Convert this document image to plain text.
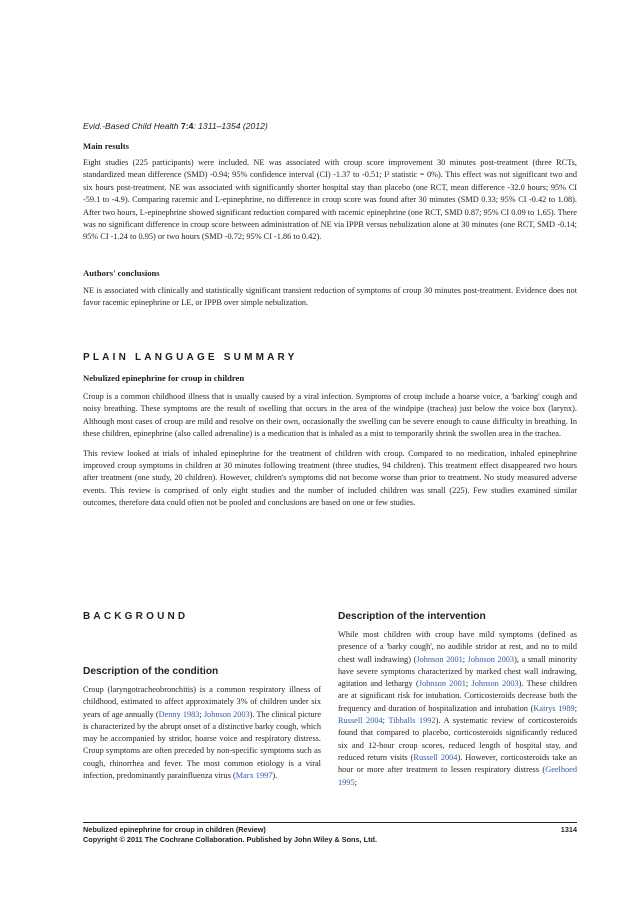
Evid.-Based Child Health 7:4: 1311–1354 (2012)

Main results

Eight studies (225 participants) were included. NE was associated with croup score improvement 30 minutes post-treatment (three RCTs, standardized mean difference (SMD) -0.94; 95% confidence interval (CI) -1.37 to -0.51; I² statistic = 0%). This effect was not significant two and six hours post-treatment. NE was associated with significantly shorter hospital stay than placebo (one RCT, mean difference -32.0 hours; 95% CI -59.1 to -4.9). Comparing racemic and L-epinephrine, no difference in croup score was found after 30 minutes (SMD 0.33; 95% CI -0.42 to 1.08). After two hours, L-epinephrine showed significant reduction compared with racemic epinephrine (one RCT, SMD 0.87; 95% CI 0.09 to 1.65). There was no significant difference in croup score between administration of NE via IPPB versus nebulization alone at 30 minutes (one RCT, SMD -0.14; 95% CI -1.24 to 0.95) or two hours (SMD -0.72; 95% CI -1.86 to 0.42).

Authors' conclusions

NE is associated with clinically and statistically significant transient reduction of symptoms of croup 30 minutes post-treatment. Evidence does not favor racemic epinephrine or LE, or IPPB over simple nebulization.

PLAIN LANGUAGE SUMMARY

Nebulized epinephrine for croup in children

Croup is a common childhood illness that is usually caused by a viral infection. Symptoms of croup include a hoarse voice, a 'barking' cough and noisy breathing. These symptoms are the result of swelling that occurs in the area of the windpipe (trachea) just below the voice box (larynx). Although most cases of croup are mild and resolve on their own, occasionally the swelling can be severe enough to cause difficulty in breathing. In these children, epinephrine (also called adrenaline) is a medication that is inhaled as a mist to temporarily shrink the swollen area in the trachea.

This review looked at trials of inhaled epinephrine for the treatment of children with croup. Compared to no medication, inhaled epinephrine improved croup symptoms in children at 30 minutes following treatment (three studies, 94 children). This treatment effect disappeared two hours after treatment (one study, 20 children). However, children's symptoms did not become worse than prior to treatment. No study measured adverse events. This review is comprised of only eight studies and the number of included children was small (225). Few studies examined similar outcomes, therefore data could often not be pooled and conclusions are based on one or few studies.

BACKGROUND
Description of the condition

Croup (laryngotracheobronchitis) is a common respiratory illness of childhood, estimated to affect approximately 3% of children under six years of age annually (Denny 1983; Johnson 2003). The clinical picture is characterized by the abrupt onset of a distinctive barky cough, which may be accompanied by stridor, hoarse voice and respiratory distress. Croup symptoms are often preceded by non-specific symptoms such as cough, rhinorrhea and fever. The most common etiology is a viral infection, predominantly parainfluenza virus (Marx 1997).

Description of the intervention

While most children with croup have mild symptoms (defined as presence of a 'barky cough', no audible stridor at rest, and no to mild chest wall indrawing) (Johnson 2001; Johnson 2003), a small minority have severe symptoms characterized by marked chest wall indrawing, agitation and lethargy (Johnson 2001; Johnson 2003). These children are at significant risk for intubation. Corticosteroids decrease both the frequency and duration of hospitalization and intubation (Kairys 1989; Russell 2004; Tibballs 1992). A systematic review of corticosteroids found that compared to placebo, corticosteroids significantly reduced six and 12-hour croup scores, reduced length of hospital stay, and reduced return visits (Russell 2004). However, corticosteroids take an hour or more after treatment to lessen respiratory distress (Geelhoed 1995;

Nebulized epinephrine for croup in children (Review)
Copyright © 2011 The Cochrane Collaboration. Published by John Wiley & Sons, Ltd.
1314
